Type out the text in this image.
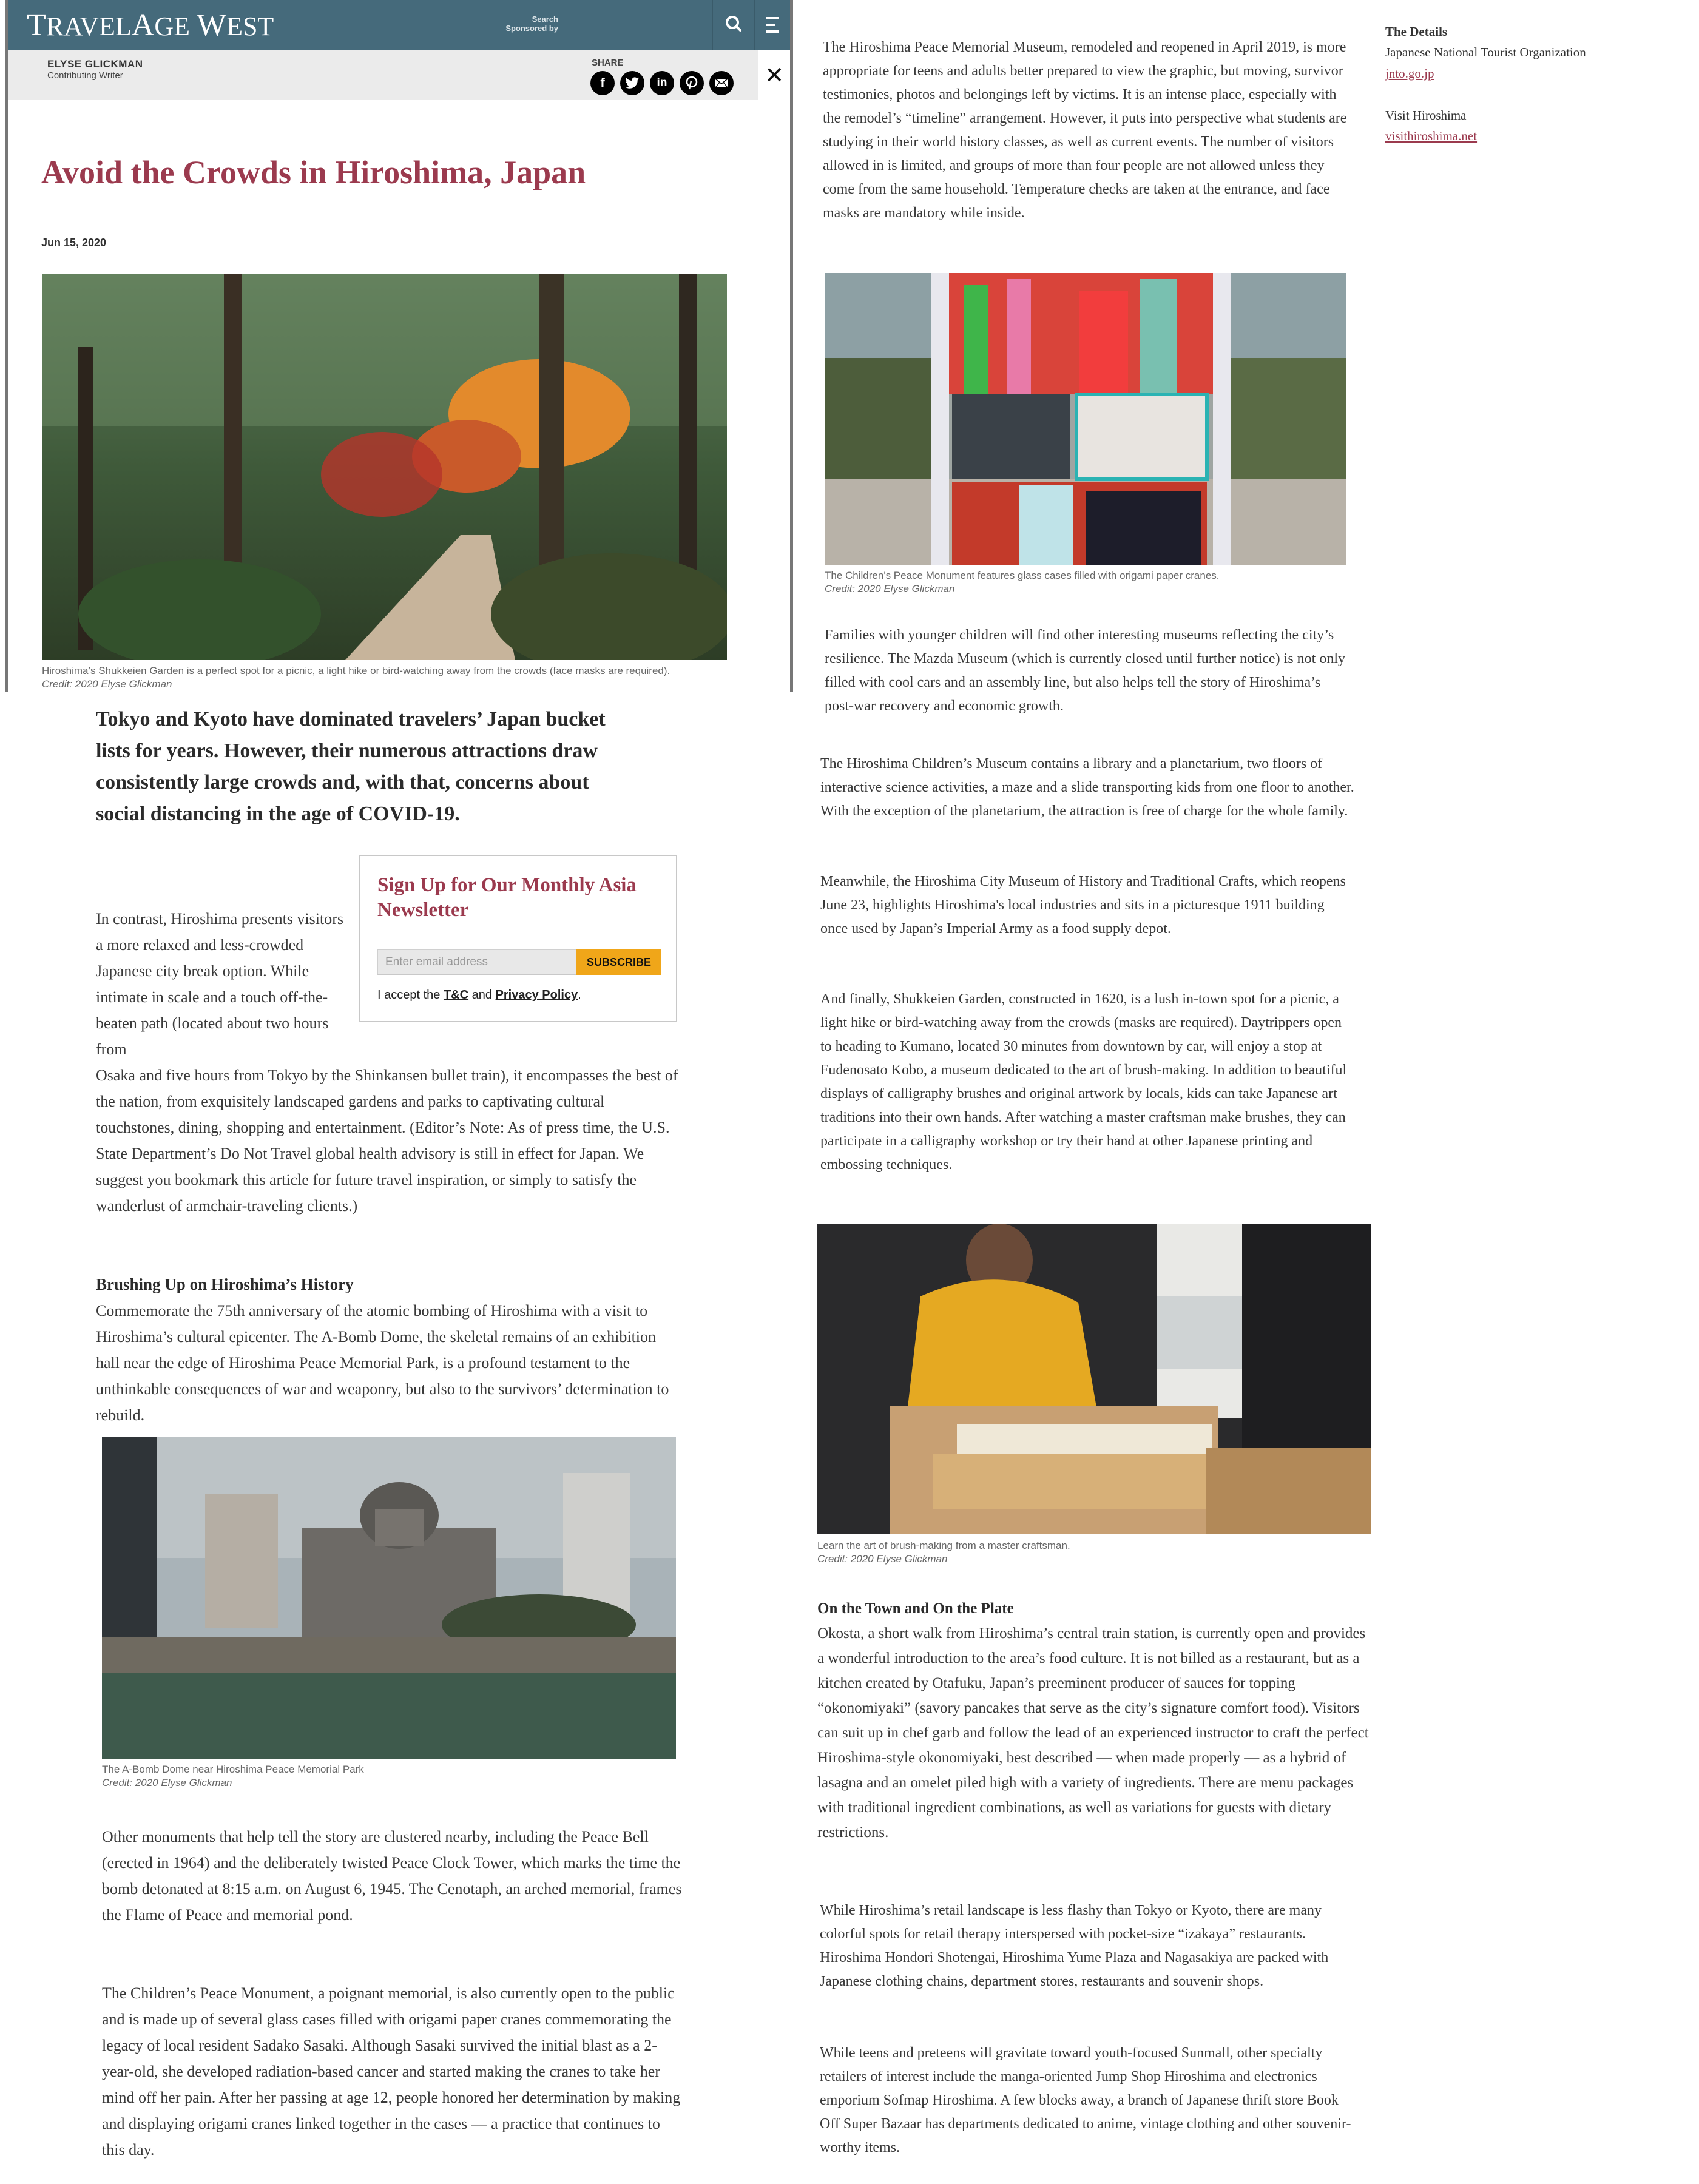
TRAVELAGE WEST	Search
Sponsored by
ELYSE GLICKMAN
Contributing Writer
SHARE
f	in	✕
Avoid the Crowds in Hiroshima, Japan
Jun 15, 2020
Hiroshima’s Shukkeien Garden is a perfect spot for a picnic, a light hike or bird-watching away from the crowds (face masks are required).
Credit: 2020 Elyse Glickman
Tokyo and Kyoto have dominated travelers’ Japan bucket lists for years. However, their numerous attractions draw consistently large crowds and, with that, concerns about social distancing in the age of COVID-19.

In contrast, Hiroshima presents visitors a more relaxed and less-crowded Japanese city break option. While intimate in scale and a touch off-the-beaten path (located about two hours from

Osaka and five hours from Tokyo by the Shinkansen bullet train), it encompasses the best of the nation, from exquisitely landscaped gardens and parks to captivating cultural touchstones, dining, shopping and entertainment. (Editor’s Note: As of press time, the U.S. State Department’s Do Not Travel global health advisory is still in effect for Japan. We suggest you bookmark this article for future travel inspiration, or simply to satisfy the wanderlust of armchair-traveling clients.)

Sign Up for Our Monthly Asia Newsletter
Enter email address	SUBSCRIBE
I accept the T&C and Privacy Policy.
Brushing Up on Hiroshima’s History

Commemorate the 75th anniversary of the atomic bombing of Hiroshima with a visit to Hiroshima’s cultural epicenter. The A-Bomb Dome, the skeletal remains of an exhibition hall near the edge of Hiroshima Peace Memorial Park, is a profound testament to the unthinkable consequences of war and weaponry, but also to the survivors’ determination to rebuild.

The A-Bomb Dome near Hiroshima Peace Memorial Park
Credit: 2020 Elyse Glickman

Other monuments that help tell the story are clustered nearby, including the Peace Bell (erected in 1964) and the deliberately twisted Peace Clock Tower, which marks the time the bomb detonated at 8:15 a.m. on August 6, 1945. The Cenotaph, an arched memorial, frames the Flame of Peace and memorial pond.

The Children’s Peace Monument, a poignant memorial, is also currently open to the public and is made up of several glass cases filled with origami paper cranes commemorating the legacy of local resident Sadako Sasaki. Although Sasaki survived the initial blast as a 2-year-old, she developed radiation-based cancer and started making the cranes to take her mind off her pain. After her passing at age 12, people honored her determination by making and displaying origami cranes linked together in the cases — a practice that continues to this day.

The Hiroshima Peace Memorial Museum, remodeled and reopened in April 2019, is more appropriate for teens and adults better prepared to view the graphic, but moving, survivor testimonies, photos and belongings left by victims. It is an intense place, especially with the remodel’s “timeline” arrangement. However, it puts into perspective what students are studying in their world history classes, as well as current events. The number of visitors allowed in is limited, and groups of more than four people are not allowed unless they come from the same household. Temperature checks are taken at the entrance, and face masks are mandatory while inside.

The Children's Peace Monument features glass cases filled with origami paper cranes.
Credit: 2020 Elyse Glickman

Families with younger children will find other interesting museums reflecting the city’s resilience. The Mazda Museum (which is currently closed until further notice) is not only filled with cool cars and an assembly line, but also helps tell the story of Hiroshima’s post-war recovery and economic growth.

The Hiroshima Children’s Museum contains a library and a planetarium, two floors of interactive science activities, a maze and a slide transporting kids from one floor to another. With the exception of the planetarium, the attraction is free of charge for the whole family.

Meanwhile, the Hiroshima City Museum of History and Traditional Crafts, which reopens June 23, highlights Hiroshima's local industries and sits in a picturesque 1911 building once used by Japan’s Imperial Army as a food supply depot.

And finally, Shukkeien Garden, constructed in 1620, is a lush in-town spot for a picnic, a light hike or bird-watching away from the crowds (masks are required). Daytrippers open to heading to Kumano, located 30 minutes from downtown by car, will enjoy a stop at Fudenosato Kobo, a museum dedicated to the art of brush-making. In addition to beautiful displays of calligraphy brushes and original artwork by locals, kids can take Japanese art traditions into their own hands. After watching a master craftsman make brushes, they can participate in a calligraphy workshop or try their hand at other Japanese printing and embossing techniques.

Learn the art of brush-making from a master craftsman.
Credit: 2020 Elyse Glickman
On the Town and On the Plate

Okosta, a short walk from Hiroshima’s central train station, is currently open and provides a wonderful introduction to the area’s food culture. It is not billed as a restaurant, but as a kitchen created by Otafuku, Japan’s preeminent producer of sauces for topping “okonomiyaki” (savory pancakes that serve as the city’s signature comfort food). Visitors can suit up in chef garb and follow the lead of an experienced instructor to craft the perfect Hiroshima-style okonomiyaki, best described — when made properly — as a hybrid of lasagna and an omelet piled high with a variety of ingredients. There are menu packages with traditional ingredient combinations, as well as variations for guests with dietary restrictions.

While Hiroshima’s retail landscape is less flashy than Tokyo or Kyoto, there are many colorful spots for retail therapy interspersed with pocket-size “izakaya” restaurants. Hiroshima Hondori Shotengai, Hiroshima Yume Plaza and Nagasakiya are packed with Japanese clothing chains, department stores, restaurants and souvenir shops.

While teens and preteens will gravitate toward youth-focused Sunmall, other specialty retailers of interest include the manga-oriented Jump Shop Hiroshima and electronics emporium Sofmap Hiroshima. A few blocks away, a branch of Japanese thrift store Book Off Super Bazaar has departments dedicated to anime, vintage clothing and other souvenir-worthy items.

The Details
Japanese National Tourist Organization
jnto.go.jp
Visit Hiroshima
visithiroshima.net
